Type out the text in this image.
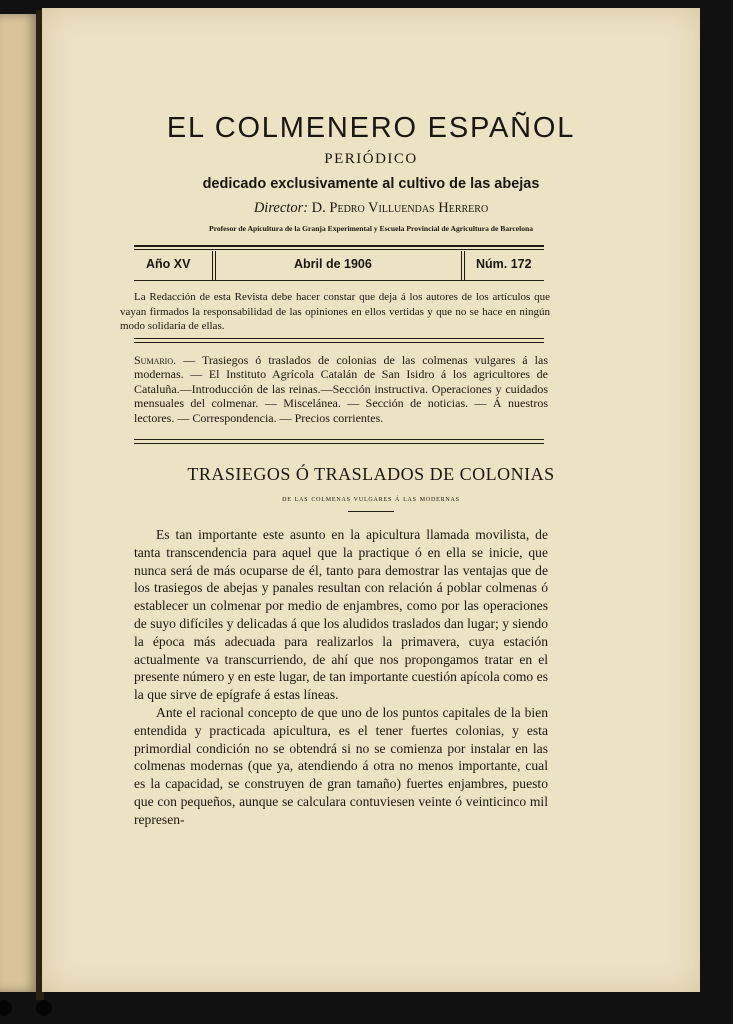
EL COLMENERO ESPAÑOL
PERIÓDICO
dedicado exclusivamente al cultivo de las abejas
Director: D. Pedro Villuendas Herrero
Profesor de Apicultura de la Granja Experimental y Escuela Provincial de Agricultura de Barcelona
Año XV	Abril de 1906	Núm. 172
La Redacción de esta Revista debe hacer constar que deja á los autores de los artículos que vayan firmados la responsabilidad de las opiniones en ellos vertidas y que no se hace en ningún modo solidaria de ellas.
Sumario. — Trasiegos ó traslados de colonias de las colmenas vulgares á las modernas. — El Instituto Agrícola Catalán de San Isidro á los agricultores de Cataluña.—Introducción de las reinas.—Sección instructiva. Operaciones y cuidados mensuales del colmenar. — Miscelánea. — Sección de noticias. — Á nuestros lectores. — Correspondencia. — Precios corrientes.
TRASIEGOS Ó TRASLADOS DE COLONIAS
de las colmenas vulgares á las modernas

Es tan importante este asunto en la apicultura llamada movilista, de tanta transcendencia para aquel que la practique ó en ella se inicie, que nunca será de más ocuparse de él, tanto para demostrar las ventajas que de los trasiegos de abejas y panales resultan con relación á poblar colmenas ó establecer un colmenar por medio de enjambres, como por las operaciones de suyo difíciles y delicadas á que los aludidos traslados dan lugar; y siendo la época más adecuada para realizarlos la primavera, cuya estación actualmente va transcurriendo, de ahí que nos propongamos tratar en el presente número y en este lugar, de tan importante cuestión apícola como es la que sirve de epígrafe á estas líneas.

Ante el racional concepto de que uno de los puntos capitales de la bien entendida y practicada apicultura, es el tener fuertes colonias, y esta primordial condición no se obtendrá si no se comienza por instalar en las colmenas modernas (que ya, atendiendo á otra no menos importante, cual es la capacidad, se construyen de gran tamaño) fuertes enjambres, puesto que con pequeños, aunque se calculara contuviesen veinte ó veinticinco mil represen-
